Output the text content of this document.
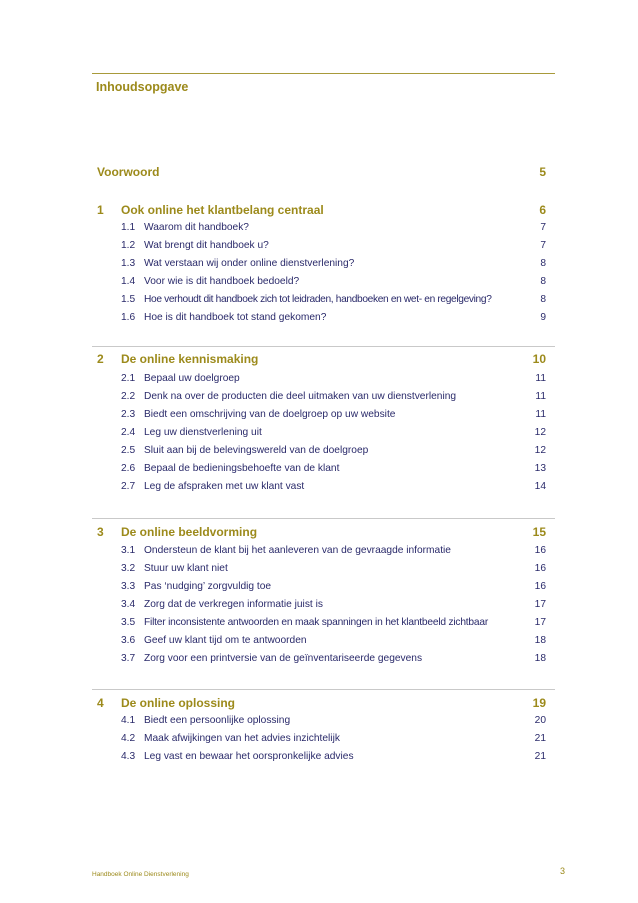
Inhoudsopgave
Voorwoord	5
1 Ook online het klantbelang centraal	6
1.1 Waarom dit handboek?	7
1.2 Wat brengt dit handboek u?	7
1.3 Wat verstaan wij onder online dienstverlening?	8
1.4 Voor wie is dit handboek bedoeld?	8
1.5 Hoe verhoudt dit handboek zich tot leidraden, handboeken en wet- en regelgeving?	8
1.6 Hoe is dit handboek tot stand gekomen?	9
2 De online kennismaking	10
2.1 Bepaal uw doelgroep	11
2.2 Denk na over de producten die deel uitmaken van uw dienstverlening	11
2.3 Biedt een omschrijving van de doelgroep op uw website	11
2.4 Leg uw dienstverlening uit	12
2.5 Sluit aan bij de belevingswereld van de doelgroep	12
2.6 Bepaal de bedieningsbehoefte van de klant	13
2.7 Leg de afspraken met uw klant vast	14
3 De online beeldvorming	15
3.1 Ondersteun de klant bij het aanleveren van de gevraagde informatie	16
3.2 Stuur uw klant niet	16
3.3 Pas ‘nudging’ zorgvuldig toe	16
3.4 Zorg dat de verkregen informatie juist is	17
3.5 Filter inconsistente antwoorden en maak spanningen in het klantbeeld zichtbaar	17
3.6 Geef uw klant tijd om te antwoorden	18
3.7 Zorg voor een printversie van de geïnventariseerde gegevens	18
4 De online oplossing	19
4.1 Biedt een persoonlijke oplossing	20
4.2 Maak afwijkingen van het advies inzichtelijk	21
4.3 Leg vast en bewaar het oorspronkelijke advies	21
Handboek Online Dienstverlening	3
